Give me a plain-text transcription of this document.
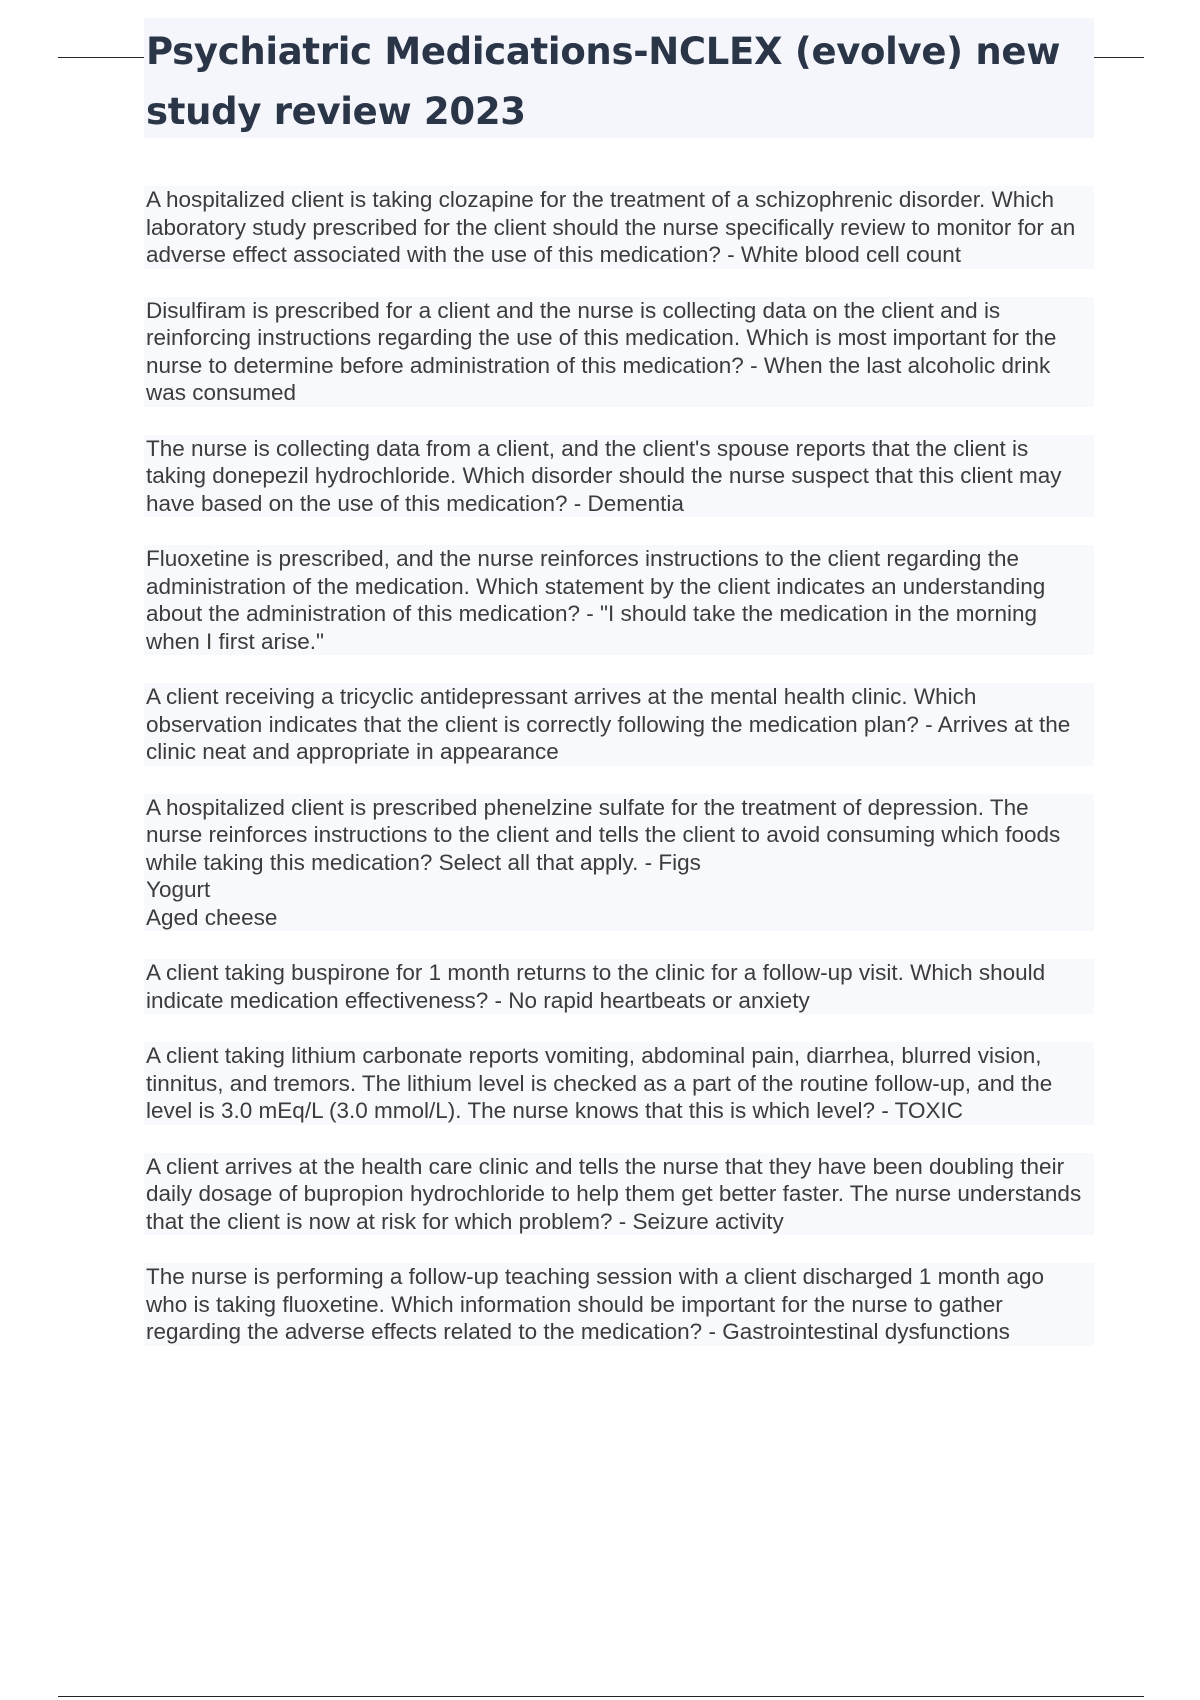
Psychiatric Medications-NCLEX (evolve) new study review 2023

A hospitalized client is taking clozapine for the treatment of a schizophrenic disorder. Which laboratory study prescribed for the client should the nurse specifically review to monitor for an adverse effect associated with the use of this medication? - White blood cell count

Disulfiram is prescribed for a client and the nurse is collecting data on the client and is reinforcing instructions regarding the use of this medication. Which is most important for the nurse to determine before administration of this medication? - When the last alcoholic drink was consumed

The nurse is collecting data from a client, and the client's spouse reports that the client is taking donepezil hydrochloride. Which disorder should the nurse suspect that this client may have based on the use of this medication? - Dementia

Fluoxetine is prescribed, and the nurse reinforces instructions to the client regarding the administration of the medication. Which statement by the client indicates an understanding about the administration of this medication? - "I should take the medication in the morning when I first arise."

A client receiving a tricyclic antidepressant arrives at the mental health clinic. Which observation indicates that the client is correctly following the medication plan? - Arrives at the clinic neat and appropriate in appearance

A hospitalized client is prescribed phenelzine sulfate for the treatment of depression. The nurse reinforces instructions to the client and tells the client to avoid consuming which foods while taking this medication? Select all that apply. - Figs
Yogurt
Aged cheese

A client taking buspirone for 1 month returns to the clinic for a follow-up visit. Which should indicate medication effectiveness? - No rapid heartbeats or anxiety

A client taking lithium carbonate reports vomiting, abdominal pain, diarrhea, blurred vision, tinnitus, and tremors. The lithium level is checked as a part of the routine follow-up, and the level is 3.0 mEq/L (3.0 mmol/L). The nurse knows that this is which level? - TOXIC

A client arrives at the health care clinic and tells the nurse that they have been doubling their daily dosage of bupropion hydrochloride to help them get better faster. The nurse understands that the client is now at risk for which problem? - Seizure activity

The nurse is performing a follow-up teaching session with a client discharged 1 month ago who is taking fluoxetine. Which information should be important for the nurse to gather regarding the adverse effects related to the medication? - Gastrointestinal dysfunctions
